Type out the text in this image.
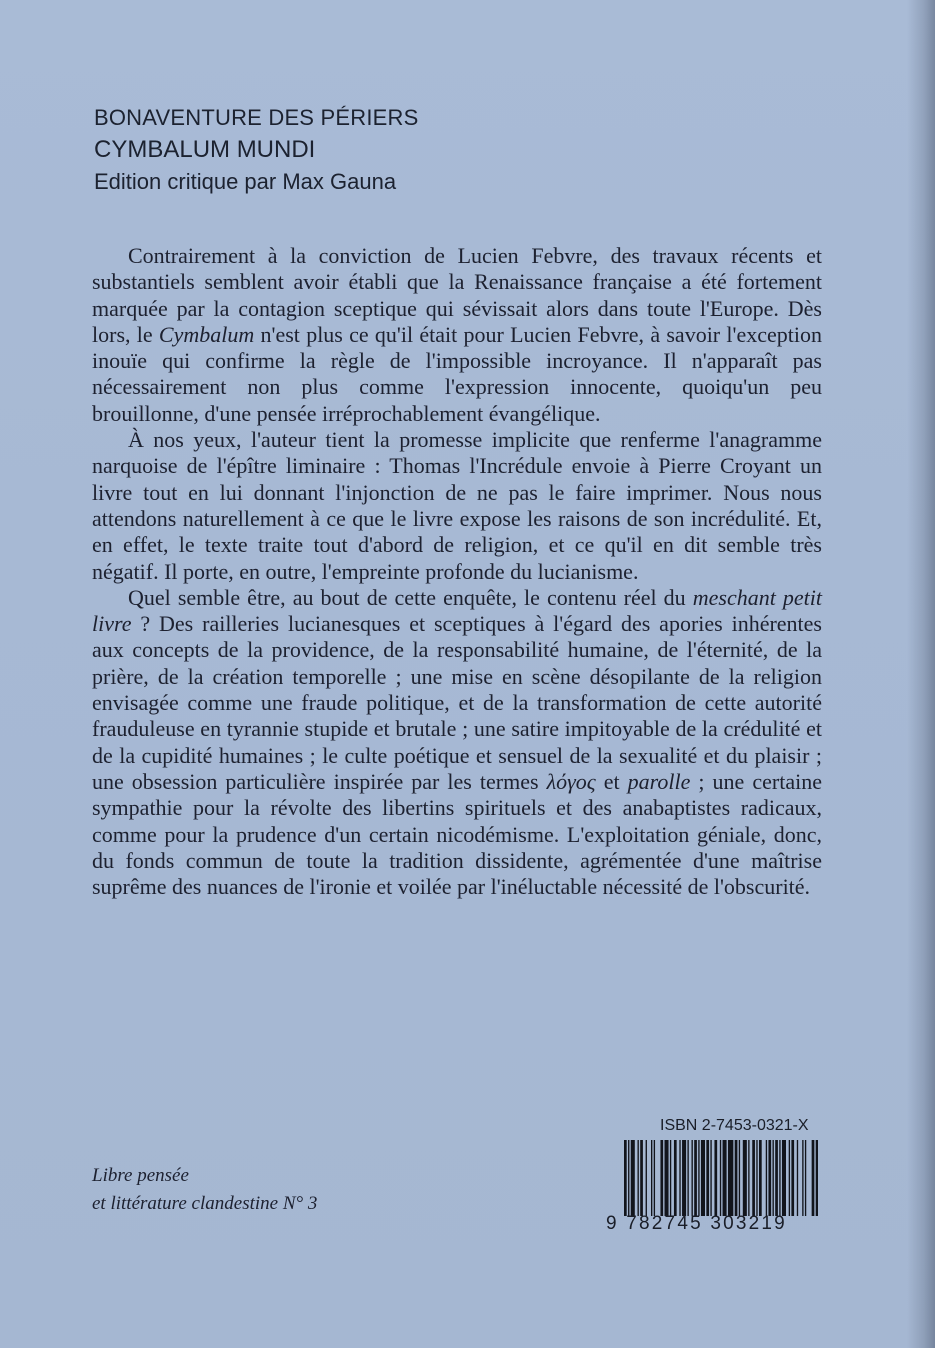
BONAVENTURE DES PÉRIERS
CYMBALUM MUNDI
Edition critique par Max Gauna

Contrairement à la conviction de Lucien Febvre, des travaux récents et substantiels semblent avoir établi que la Renaissance française a été fortement marquée par la contagion sceptique qui sévissait alors dans toute l'Europe. Dès lors, le Cymbalum n'est plus ce qu'il était pour Lucien Febvre, à savoir l'exception inouïe qui confirme la règle de l'impossible incroyance. Il n'apparaît pas nécessairement non plus comme l'expression innocente, quoiqu'un peu brouillonne, d'une pensée irréprochablement évangélique.

À nos yeux, l'auteur tient la promesse implicite que renferme l'anagramme narquoise de l'épître liminaire : Thomas l'Incrédule envoie à Pierre Croyant un livre tout en lui donnant l'injonction de ne pas le faire imprimer. Nous nous attendons naturellement à ce que le livre expose les raisons de son incrédulité. Et, en effet, le texte traite tout d'abord de religion, et ce qu'il en dit semble très négatif. Il porte, en outre, l'empreinte profonde du lucianisme.

Quel semble être, au bout de cette enquête, le contenu réel du meschant petit livre ? Des railleries lucianesques et sceptiques à l'égard des apories inhérentes aux concepts de la providence, de la responsabilité humaine, de l'éternité, de la prière, de la création temporelle ; une mise en scène désopilante de la religion envisagée comme une fraude politique, et de la transformation de cette autorité frauduleuse en tyrannie stupide et brutale ; une satire impitoyable de la crédulité et de la cupidité humaines ; le culte poétique et sensuel de la sexualité et du plaisir ; une obsession particulière inspirée par les termes λόγος et parolle ; une certaine sympathie pour la révolte des libertins spirituels et des anabaptistes radicaux, comme pour la prudence d'un certain nicodémisme. L'exploitation géniale, donc, du fonds commun de toute la tradition dissidente, agrémentée d'une maîtrise suprême des nuances de l'ironie et voilée par l'inéluctable nécessité de l'obscurité.

Libre pensée
et littérature clandestine N° 3
ISBN 2-7453-0321-X
9 782745 303219
